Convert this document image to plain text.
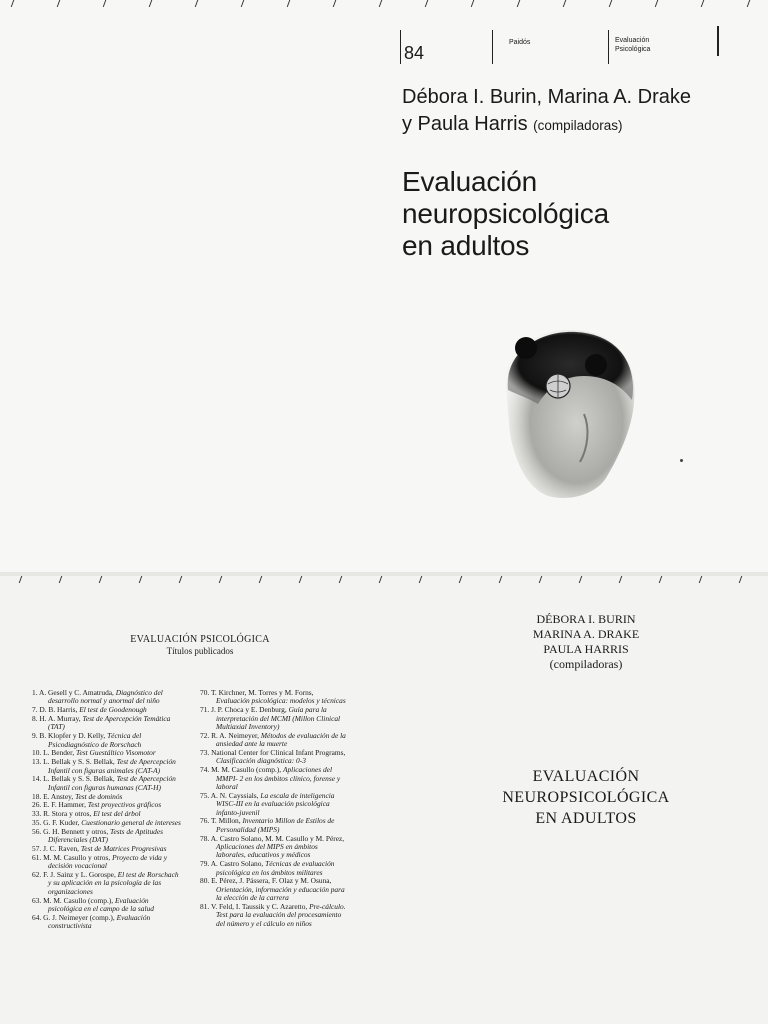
84
Paidós	Evaluación
Psicológica
Débora I. Burin, Marina A. Drake
y Paula Harris (compiladoras)
Evaluación
neuropsicológica
en adultos
EVALUACIÓN PSICOLÓGICA
Títulos publicados
1. A. Gesell y C. Amatruda, Diagnóstico del desarrollo normal y anormal del niño
7. D. B. Harris, El test de Goodenough
8. H. A. Murray, Test de Apercepción Temática (TAT)
9. B. Klopfer y D. Kelly, Técnica del Psicodiagnóstico de Rorschach
10. L. Bender, Test Guestáltico Visomotor
13. L. Bellak y S. S. Bellak, Test de Apercepción Infantil con figuras animales (CAT-A)
14. L. Bellak y S. S. Bellak, Test de Apercepción Infantil con figuras humanas (CAT-H)
18. E. Anstey, Test de dominós
26. E. F. Hammer, Test proyectivos gráficos
33. R. Stora y otros, El test del árbol
35. G. F. Kuder, Cuestionario general de intereses
56. G. H. Bennett y otros, Tests de Aptitudes Diferenciales (DAT)
57. J. C. Raven, Test de Matrices Progresivas
61. M. M. Casullo y otros, Proyecto de vida y decisión vocacional
62. F. J. Sainz y L. Gorospe, El test de Rorschach y su aplicación en la psicología de las organizaciones
63. M. M. Casullo (comp.), Evaluación psicológica en el campo de la salud
64. G. J. Neimeyer (comp.), Evaluación constructivista
70. T. Kirchner, M. Torres y M. Forns, Evaluación psicológica: modelos y técnicas
71. J. P. Choca y E. Denburg, Guía para la interpretación del MCMI (Millon Clinical Multiaxial Inventory)
72. R. A. Neimeyer, Métodos de evaluación de la ansiedad ante la muerte
73. National Center for Clinical Infant Programs, Clasificación diagnóstica: 0-3
74. M. M. Casullo (comp.), Aplicaciones del MMPI- 2 en los ámbitos clínico, forense y laboral
75. A. N. Cayssials, La escala de inteligencia WISC-III en la evaluación psicológica infanto-juvenil
76. T. Millon, Inventario Millon de Estilos de Personalidad (MIPS)
78. A. Castro Solano, M. M. Casullo y M. Pérez, Aplicaciones del MIPS en ámbitos laborales, educativos y médicos
79. A. Castro Solano, Técnicas de evaluación psicológica en los ámbitos militares
80. E. Pérez, J. Pássera, F. Olaz y M. Osuna, Orientación, información y educación para la elección de la carrera
81. V. Feld, I. Taussik y C. Azaretto, Pre-cálculo. Test para la evaluación del procesamiento del número y el cálculo en niños
DÉBORA I. BURIN
MARINA A. DRAKE
PAULA HARRIS
(compiladoras)
EVALUACIÓN
NEUROPSICOLÓGICA
EN ADULTOS
